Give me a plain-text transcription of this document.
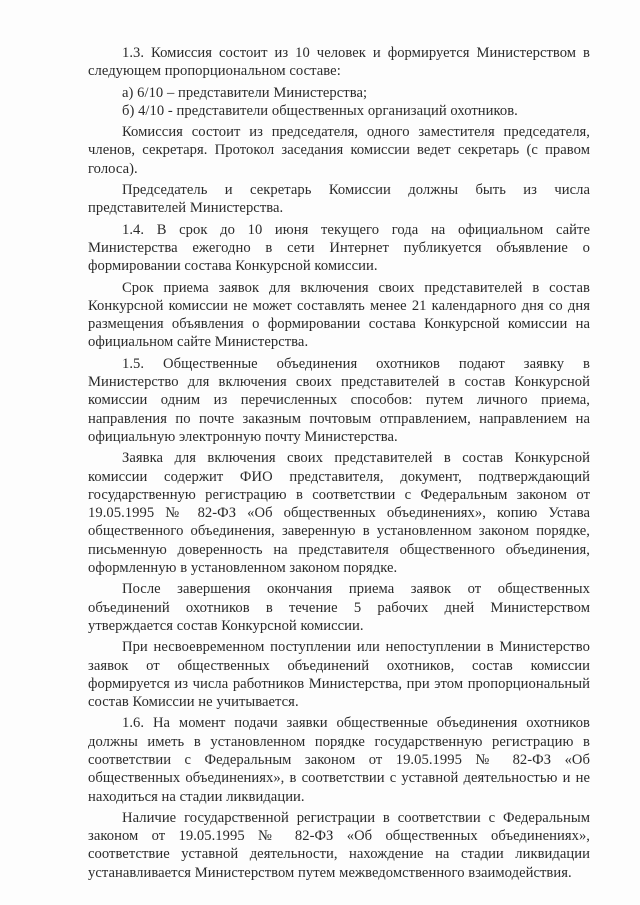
1.3. Комиссия состоит из 10 человек и формируется Министерством в следующем пропорциональном составе:

а) 6/10 – представители Министерства;

б) 4/10 - представители общественных организаций охотников.

Комиссия состоит из председателя, одного заместителя председателя, членов, секретаря. Протокол заседания комиссии ведет секретарь (с правом голоса).

Председатель и секретарь Комиссии должны быть из числа представителей Министерства.

1.4. В срок до 10 июня текущего года на официальном сайте Министерства ежегодно в сети Интернет публикуется объявление о формировании состава Конкурсной комиссии.

Срок приема заявок для включения своих представителей в состав Конкурсной комиссии не может составлять менее 21 календарного дня со дня размещения объявления о формировании состава Конкурсной комиссии на официальном сайте Министерства.

1.5. Общественные объединения охотников подают заявку в Министерство для включения своих представителей в состав Конкурсной комиссии одним из перечисленных способов: путем личного приема, направления по почте заказным почтовым отправлением, направлением на официальную электронную почту Министерства.

Заявка для включения своих представителей в состав Конкурсной комиссии содержит ФИО представителя, документ, подтверждающий государственную регистрацию в соответствии с Федеральным законом от 19.05.1995 № 82-ФЗ «Об общественных объединениях», копию Устава общественного объединения, заверенную в установленном законом порядке, письменную доверенность на представителя общественного объединения, оформленную в установленном законом порядке.

После завершения окончания приема заявок от общественных объединений охотников в течение 5 рабочих дней Министерством утверждается состав Конкурсной комиссии.

При несвоевременном поступлении или непоступлении в Министерство заявок от общественных объединений охотников, состав комиссии формируется из числа работников Министерства, при этом пропорциональный состав Комиссии не учитывается.

1.6. На момент подачи заявки общественные объединения охотников должны иметь в установленном порядке государственную регистрацию в соответствии с Федеральным законом от 19.05.1995 № 82-ФЗ «Об общественных объединениях», в соответствии с уставной деятельностью и не находиться на стадии ликвидации.

Наличие государственной регистрации в соответствии с Федеральным законом от 19.05.1995 № 82-ФЗ «Об общественных объединениях», соответствие уставной деятельности, нахождение на стадии ликвидации устанавливается Министерством путем межведомственного взаимодействия.
